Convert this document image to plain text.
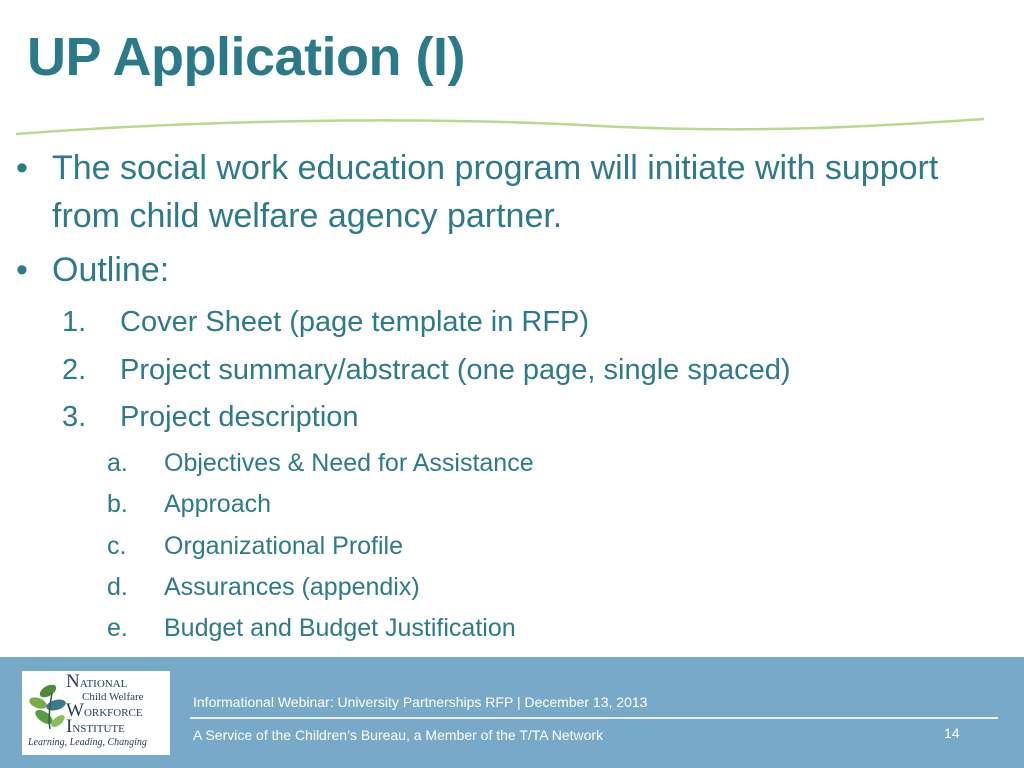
UP Application (I)
• The social work education program will initiate with support from child welfare agency partner.
• Outline:
1. Cover Sheet (page template in RFP)
2. Project summary/abstract (one page, single spaced)
3. Project description
a. Objectives & Need for Assistance
b. Approach
c. Organizational Profile
d. Assurances (appendix)
e. Budget and Budget Justification
NATIONAL
Child Welfare
WORKFORCE
INSTITUTE
Learning, Leading, Changing
Informational Webinar: University Partnerships RFP | December 13, 2013
A Service of the Children’s Bureau, a Member of the T/TA Network	14
